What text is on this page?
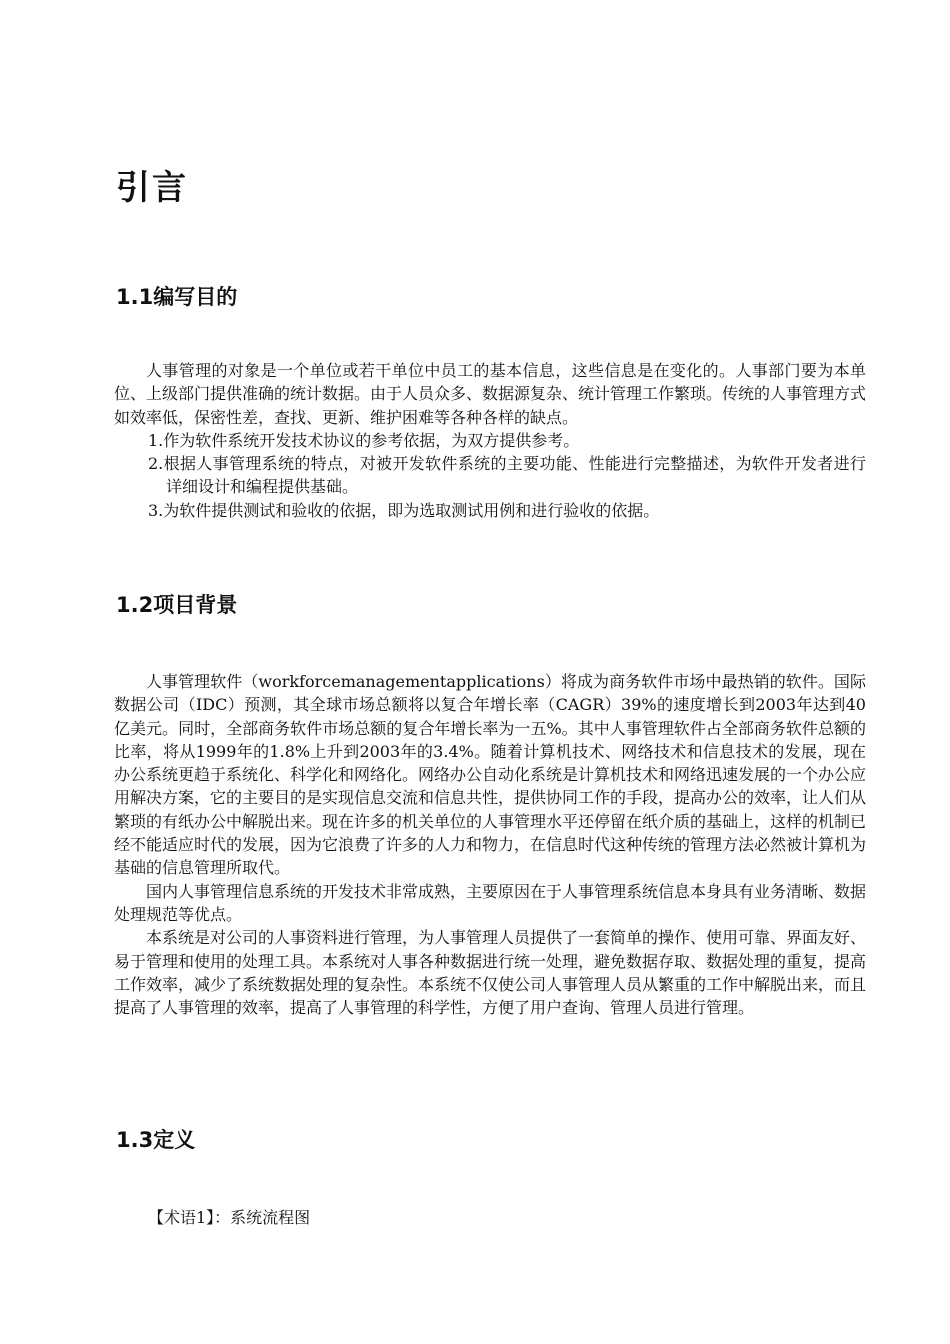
引言
1.1编写目的

人事管理的对象是一个单位或若干单位中员工的基本信息，这些信息是在变化的。人事部门要为本单位、上级部门提供准确的统计数据。由于人员众多、数据源复杂、统计管理工作繁琐。传统的人事管理方式如效率低，保密性差，查找、更新、维护困难等各种各样的缺点。

1.作为软件系统开发技术协议的参考依据，为双方提供参考。
2.根据人事管理系统的特点，对被开发软件系统的主要功能、性能进行完整描述，为软件开发者进行详细设计和编程提供基础。
3.为软件提供测试和验收的依据，即为选取测试用例和进行验收的依据。
1.2项目背景

人事管理软件（workforcemanagementapplications）将成为商务软件市场中最热销的软件。国际数据公司（IDC）预测，其全球市场总额将以复合年增长率（CAGR）39%的速度增长到2003年达到40亿美元。同时，全部商务软件市场总额的复合年增长率为一五%。其中人事管理软件占全部商务软件总额的比率，将从1999年的1.8%上升到2003年的3.4%。随着计算机技术、网络技术和信息技术的发展，现在办公系统更趋于系统化、科学化和网络化。网络办公自动化系统是计算机技术和网络迅速发展的一个办公应用解决方案，它的主要目的是实现信息交流和信息共性，提供协同工作的手段，提高办公的效率，让人们从繁琐的有纸办公中解脱出来。现在许多的机关单位的人事管理水平还停留在纸介质的基础上，这样的机制已经不能适应时代的发展，因为它浪费了许多的人力和物力，在信息时代这种传统的管理方法必然被计算机为基础的信息管理所取代。

国内人事管理信息系统的开发技术非常成熟，主要原因在于人事管理系统信息本身具有业务清晰、数据处理规范等优点。

本系统是对公司的人事资料进行管理，为人事管理人员提供了一套简单的操作、使用可靠、界面友好、易于管理和使用的处理工具。本系统对人事各种数据进行统一处理，避免数据存取、数据处理的重复，提高工作效率，减少了系统数据处理的复杂性。本系统不仅使公司人事管理人员从繁重的工作中解脱出来，而且提高了人事管理的效率，提高了人事管理的科学性，方便了用户查询、管理人员进行管理。

1.3定义

【术语1】：系统流程图
